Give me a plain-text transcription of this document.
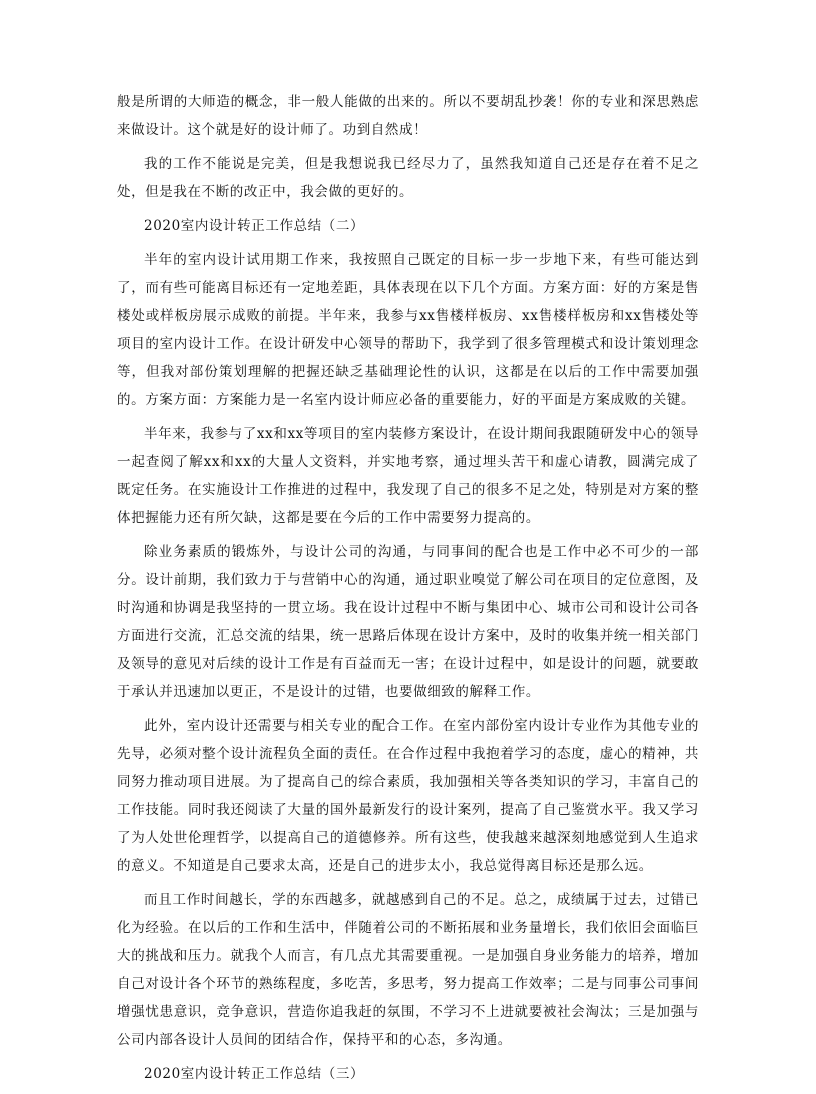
般是所谓的大师造的概念，非一般人能做的出来的。所以不要胡乱抄袭！你的专业和深思熟虑来做设计。这个就是好的设计师了。功到自然成！

我的工作不能说是完美，但是我想说我已经尽力了，虽然我知道自己还是存在着不足之处，但是我在不断的改正中，我会做的更好的。

2020室内设计转正工作总结（二）

半年的室内设计试用期工作来，我按照自己既定的目标一步一步地下来，有些可能达到了，而有些可能离目标还有一定地差距，具体表现在以下几个方面。方案方面：好的方案是售楼处或样板房展示成败的前提。半年来，我参与xx售楼样板房、xx售楼样板房和xx售楼处等项目的室内设计工作。在设计研发中心领导的帮助下，我学到了很多管理模式和设计策划理念等，但我对部份策划理解的把握还缺乏基础理论性的认识，这都是在以后的工作中需要加强的。方案方面：方案能力是一名室内设计师应必备的重要能力，好的平面是方案成败的关键。

半年来，我参与了xx和xx等项目的室内装修方案设计，在设计期间我跟随研发中心的领导一起查阅了解xx和xx的大量人文资料，并实地考察，通过埋头苦干和虚心请教，圆满完成了既定任务。在实施设计工作推进的过程中，我发现了自己的很多不足之处，特别是对方案的整体把握能力还有所欠缺，这都是要在今后的工作中需要努力提高的。

除业务素质的锻炼外，与设计公司的沟通，与同事间的配合也是工作中必不可少的一部分。设计前期，我们致力于与营销中心的沟通，通过职业嗅觉了解公司在项目的定位意图，及时沟通和协调是我坚持的一贯立场。我在设计过程中不断与集团中心、城市公司和设计公司各方面进行交流，汇总交流的结果，统一思路后体现在设计方案中，及时的收集并统一相关部门及领导的意见对后续的设计工作是有百益而无一害；在设计过程中，如是设计的问题，就要敢于承认并迅速加以更正，不是设计的过错，也要做细致的解释工作。

此外，室内设计还需要与相关专业的配合工作。在室内部份室内设计专业作为其他专业的先导，必须对整个设计流程负全面的责任。在合作过程中我抱着学习的态度，虚心的精神，共同努力推动项目进展。为了提高自己的综合素质，我加强相关等各类知识的学习，丰富自己的工作技能。同时我还阅读了大量的国外最新发行的设计案列，提高了自己鉴赏水平。我又学习了为人处世伦理哲学，以提高自己的道德修养。所有这些，使我越来越深刻地感觉到人生追求的意义。不知道是自己要求太高，还是自己的进步太小，我总觉得离目标还是那么远。

而且工作时间越长，学的东西越多，就越感到自己的不足。总之，成绩属于过去，过错已化为经验。在以后的工作和生活中，伴随着公司的不断拓展和业务量增长，我们依旧会面临巨大的挑战和压力。就我个人而言，有几点尤其需要重视。一是加强自身业务能力的培养，增加自己对设计各个环节的熟练程度，多吃苦，多思考，努力提高工作效率；二是与同事公司事间增强忧患意识，竞争意识，营造你追我赶的氛围，不学习不上进就要被社会淘汰；三是加强与公司内部各设计人员间的团结合作，保持平和的心态，多沟通。

2020室内设计转正工作总结（三）
